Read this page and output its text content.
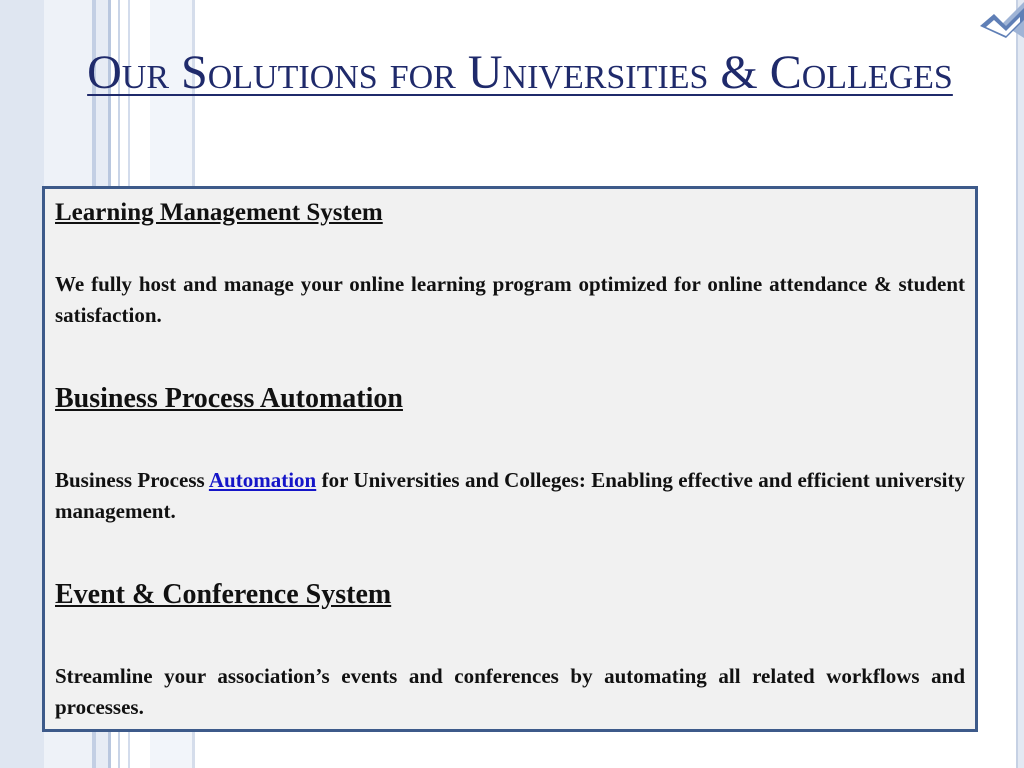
Our Solutions for Universities & Colleges

Learning Management System

We fully host and manage your online learning program optimized for online attendance & student satisfaction.

Business Process Automation

Business Process Automation for Universities and Colleges: Enabling effective and efficient university management.

Event & Conference System

Streamline your association’s events and conferences by automating all related workflows and processes.
